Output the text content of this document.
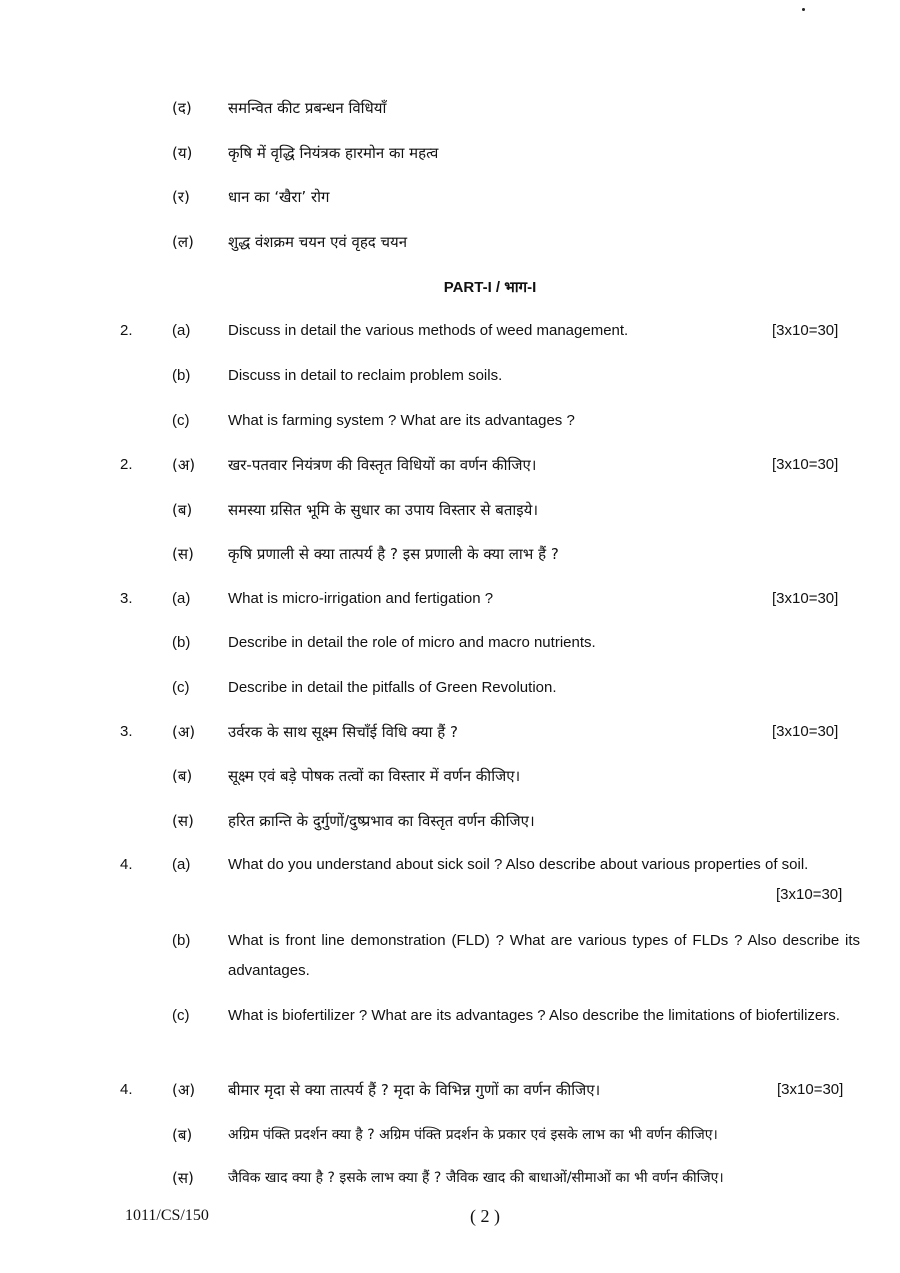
(द) समन्वित कीट प्रबन्धन विधियाँ
(य) कृषि में वृद्धि नियंत्रक हारमोन का महत्व
(र)	धान का ‘खैरा’ रोग
(ल) शुद्ध वंशक्रम चयन एवं वृहद चयन
PART-I / भाग-I
2.	(a)	Discuss in detail the various methods of weed management.	[3x10=30]
(b)	Discuss in detail to reclaim problem soils.
(c)	What is farming system ? What are its advantages ?
2.	(अ) खर-पतवार नियंत्रण की विस्तृत विधियों का वर्णन कीजिए।	[3x10=30]
(ब) समस्या ग्रसित भूमि के सुधार का उपाय विस्तार से बताइये।
(स) कृषि प्रणाली से क्या तात्पर्य है ? इस प्रणाली के क्या लाभ हैं ?
3.	(a)	What is micro-irrigation and fertigation ?	[3x10=30]
(b)	Describe in detail the role of micro and macro nutrients.
(c)	Describe in detail the pitfalls of Green Revolution.
3.	(अ) उर्वरक के साथ सूक्ष्म सिचाँई विधि क्या हैं ?	[3x10=30]
(ब) सूक्ष्म एवं बड़े पोषक तत्वों का विस्तार में वर्णन कीजिए।
(स) हरित क्रान्ति के दुर्गुणों/दुष्प्रभाव का विस्तृत वर्णन कीजिए।
4.	(a)	What do you understand about sick soil ? Also describe about various properties of soil.
[3x10=30]
(b)	What is front line demonstration (FLD) ? What are various types of FLDs ? Also describe its advantages.
(c)	What is biofertilizer ? What are its advantages ? Also describe the limitations of biofertilizers.
4.	(अ) बीमार मृदा से क्या तात्पर्य हैं ? मृदा के विभिन्न गुणों का वर्णन कीजिए।	[3x10=30]
(ब)	अग्रिम पंक्ति प्रदर्शन क्या है ? अग्रिम पंक्ति प्रदर्शन के प्रकार एवं इसके लाभ का भी वर्णन कीजिए।
(स) जैविक खाद क्या है ? इसके लाभ क्या हैं ? जैविक खाद की बाधाओं/सीमाओं का भी वर्णन कीजिए।
1011/CS/150	( 2 )
